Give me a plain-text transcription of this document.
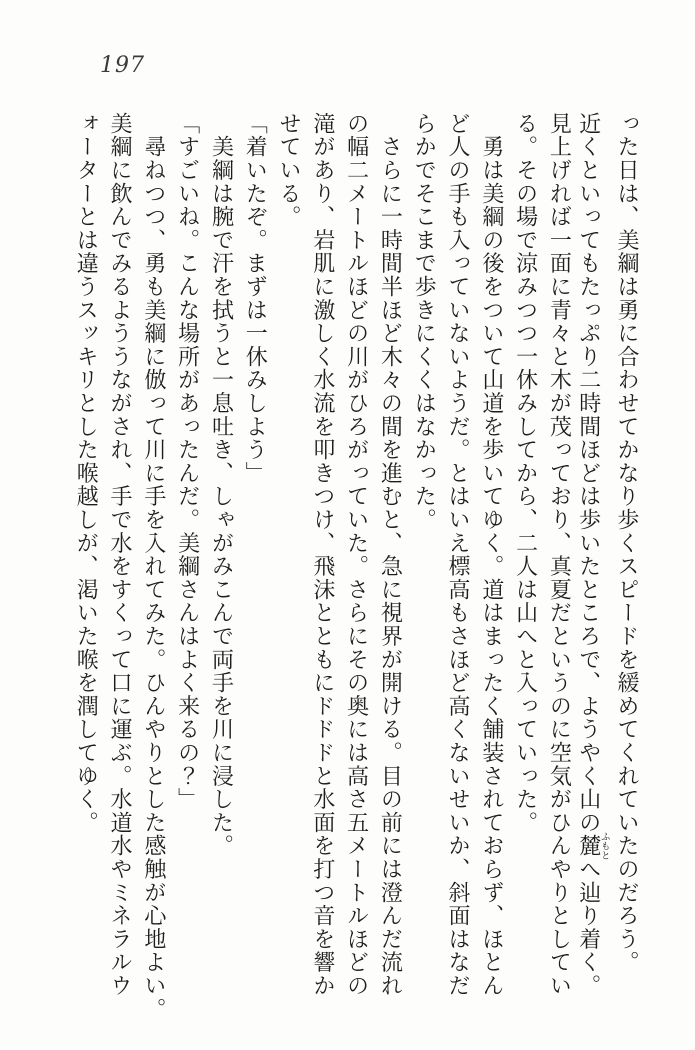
197
った日は、美綱は勇に合わせてかなり歩くスピードを緩めてくれていたのだろう。
近くといってもたっぷり二時間ほどは歩いたところで、ようやく山の麓ふもとへ辿り着く。
見上げれば一面に青々と木が茂っており、真夏だというのに空気がひんやりとしてい
る。その場で涼みつつ一休みしてから、二人は山へと入っていった。
　勇は美綱の後をついて山道を歩いてゆく。道はまったく舗装されておらず、ほとん
ど人の手も入っていないようだ。とはいえ標高もさほど高くないせいか、斜面はなだ
らかでそこまで歩きにくくはなかった。
　さらに一時間半ほど木々の間を進むと、急に視界が開ける。目の前には澄んだ流れ
の幅二メートルほどの川がひろがっていた。さらにその奥には高さ五メートルほどの
滝があり、岩肌に激しく水流を叩きつけ、飛沫とともにドドドと水面を打つ音を響か
せている。
「着いたぞ。まずは一休みしよう」
　美綱は腕で汗を拭うと一息吐き、しゃがみこんで両手を川に浸した。
「すごいね。こんな場所があったんだ。美綱さんはよく来るの？」
　尋ねつつ、勇も美綱に倣って川に手を入れてみた。ひんやりとした感触が心地よい。
美綱に飲んでみるよううながされ、手で水をすくって口に運ぶ。水道水やミネラルウ
ォーターとは違うスッキリとした喉越しが、渇いた喉を潤してゆく。
